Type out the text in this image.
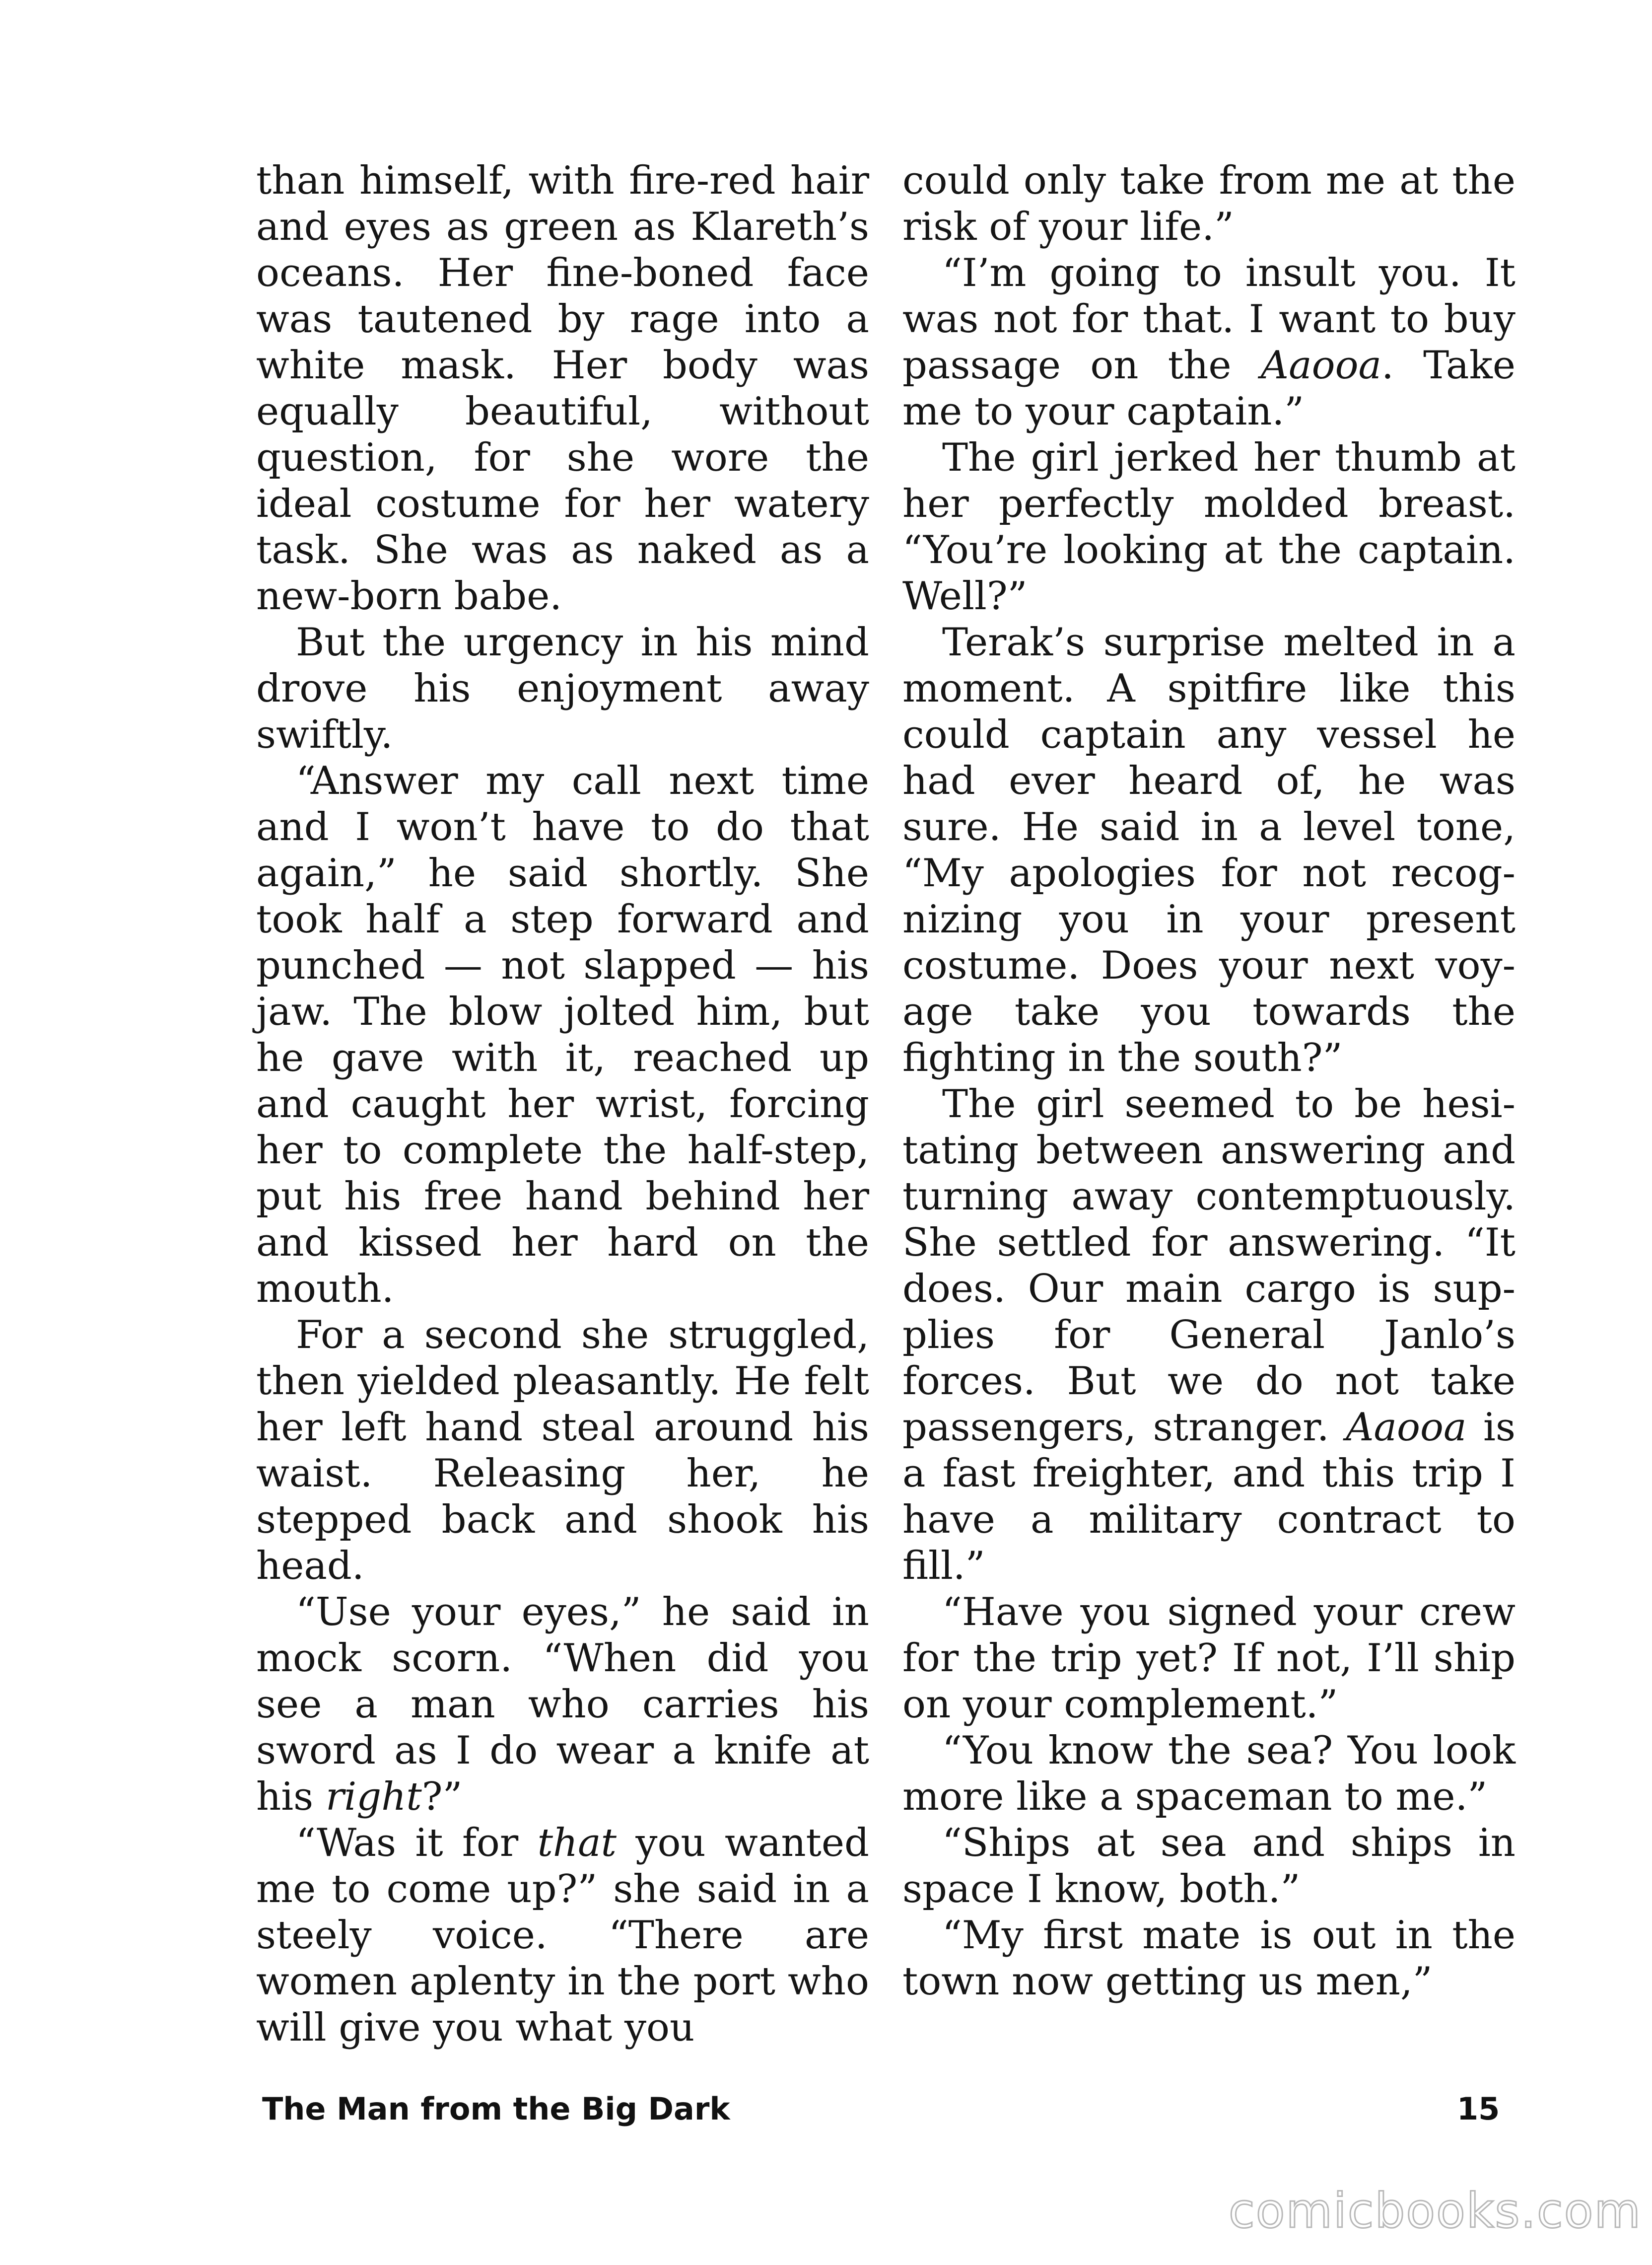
than himself, with fire-red hair and eyes as green as Klareth’s oceans. Her fine-boned face was tautened by rage into a white mask. Her body was equally beautiful, without question, for she wore the ideal costume for her watery task. She was as naked as a new-born babe.

But the urgency in his mind drove his enjoyment away swiftly.

“Answer my call next time and I won’t have to do that again,” he said shortly. She took half a step forward and punched — not slapped — his jaw. The blow jolted him, but he gave with it, reached up and caught her wrist, forcing her to complete the half-step, put his free hand behind her and kissed her hard on the mouth.

For a second she struggled, then yielded pleasantly. He felt her left hand steal around his waist. Releasing her, he stepped back and shook his head.

“Use your eyes,” he said in mock scorn. “When did you see a man who carries his sword as I do wear a knife at his right?”

“Was it for that you wanted me to come up?” she said in a steely voice. “There are women aplenty in the port who will give you what you

could only take from me at the risk of your life.”

“I’m going to insult you. It was not for that. I want to buy passage on the Aaooa. Take me to your captain.”

The girl jerked her thumb at her perfectly molded breast. “You’re looking at the captain. Well?”

Terak’s surprise melted in a moment. A spitfire like this could captain any vessel he had ever heard of, he was sure. He said in a level tone, “My apologies for not recog-nizing you in your present costume. Does your next voy-age take you towards the fighting in the south?”

The girl seemed to be hesi-tating between answering and turning away contemptuously. She settled for answering. “It does. Our main cargo is sup-plies for General Janlo’s forces. But we do not take passengers, stranger. Aaooa is a fast freighter, and this trip I have a military contract to fill.”

“Have you signed your crew for the trip yet? If not, I’ll ship on your complement.”

“You know the sea? You look more like a spaceman to me.”

“Ships at sea and ships in space I know, both.”

“My first mate is out in the town now getting us men,”

The Man from the Big Dark	15
comicbooks.com
